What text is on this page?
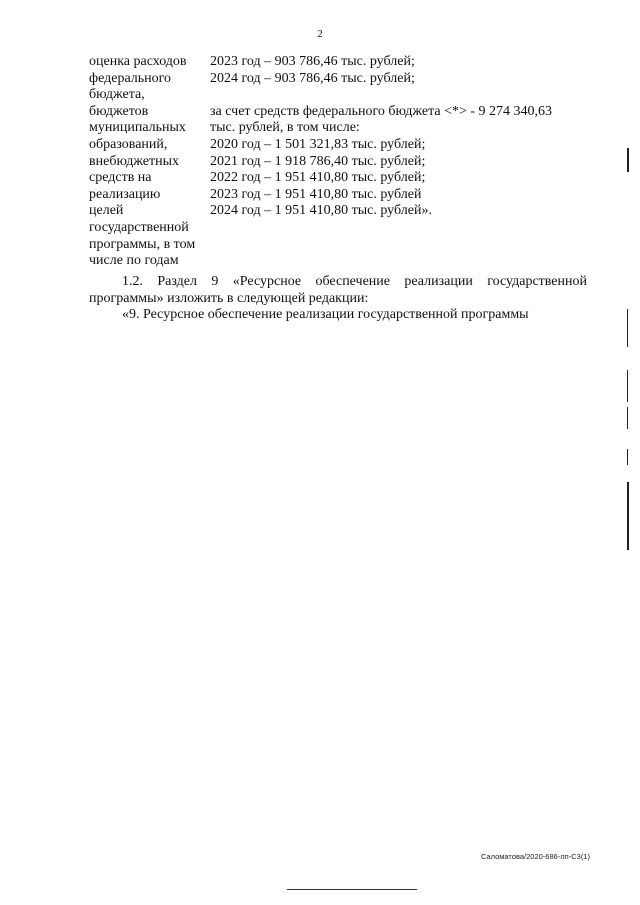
2
оценка расходов
федерального
бюджета,
бюджетов
муниципальных
образований,
внебюджетных
средств на
реализацию
целей
государственной
программы, в том
числе по годам
2023 год – 903 786,46 тыс. рублей;
2024 год – 903 786,46 тыс. рублей;
за счет средств федерального бюджета <*> - 9 274 340,63
тыс. рублей, в том числе:
2020 год – 1 501 321,83 тыс. рублей;
2021 год – 1 918 786,40 тыс. рублей;
2022 год – 1 951 410,80 тыс. рублей;
2023 год – 1 951 410,80 тыс. рублей
2024 год – 1 951 410,80 тыс. рублей».
1.2. Раздел 9 «Ресурсное обеспечение реализации государственной программы» изложить в следующей редакции:
«9. Ресурсное обеспечение реализации государственной программы
Саломатова/2020-686-лп-С3(1)
